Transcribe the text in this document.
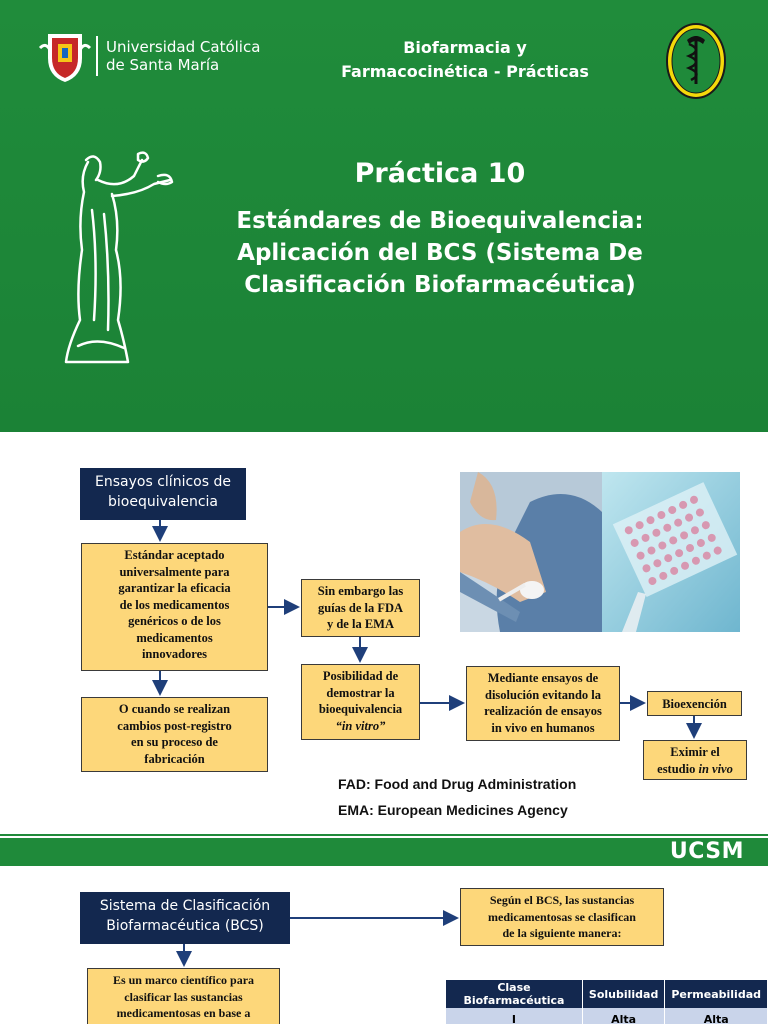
Universidad Católica
de Santa María
Biofarmacia y
Farmacocinética - Prácticas
Práctica 10
Estándares de Bioequivalencia:
Aplicación del BCS (Sistema De
Clasificación Biofarmacéutica)
Ensayos clínicos de
bioequivalencia
Estándar aceptado
universalmente para
garantizar la eficacia
de los medicamentos
genéricos o de los
medicamentos
innovadores
O cuando se realizan
cambios post-registro
en su proceso de
fabricación
Sin embargo las
guías de la FDA
y de la EMA
Posibilidad de
demostrar la
bioequivalencia
“in vitro”
Mediante ensayos de
disolución evitando la
realización de ensayos
in vivo en humanos
Bioexención
Eximir el
estudio in vivo
FAD: Food and Drug Administration
EMA: European Medicines Agency
UCSM
Sistema de Clasificación
Biofarmacéutica (BCS)
Según el BCS, las sustancias
medicamentosas se clasifican
de la siguiente manera:
Es un marco científico para
clasificar las sustancias
medicamentosas en base a
Clase Biofarmacéutica	Solubilidad	Permeabilidad
I	Alta	Alta
